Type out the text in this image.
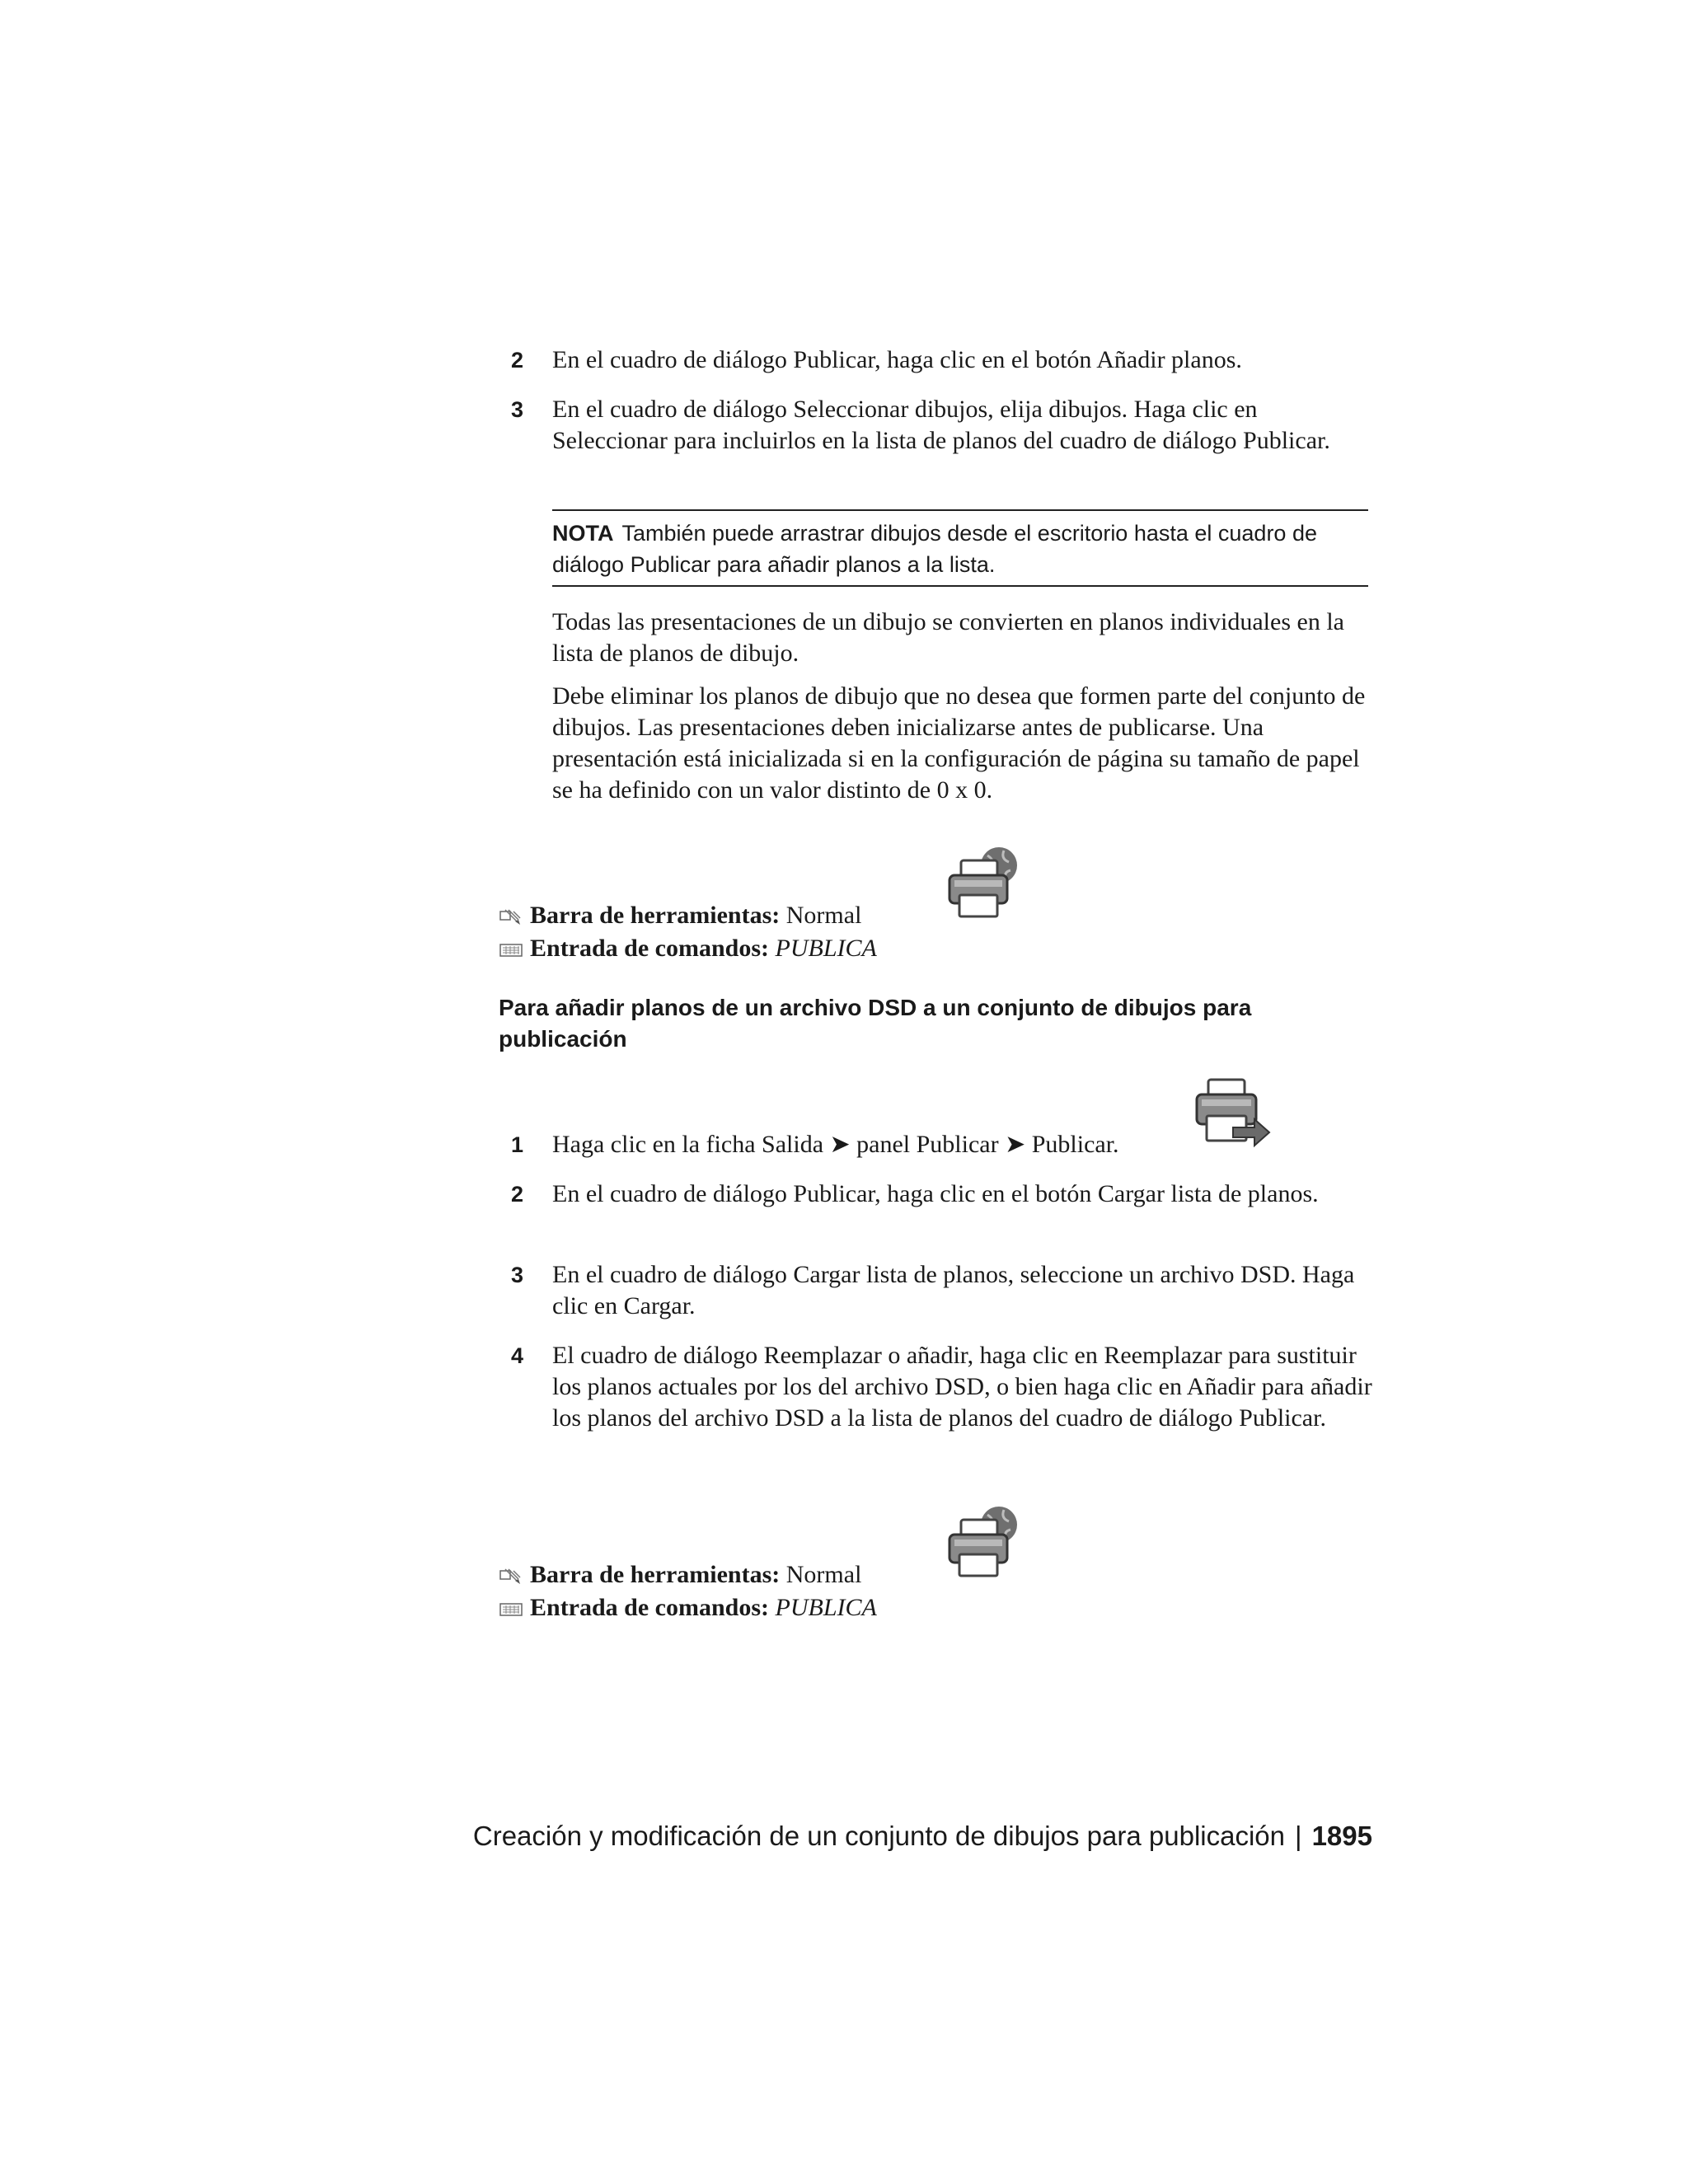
2 En el cuadro de diálogo Publicar, haga clic en el botón Añadir planos.
3 En el cuadro de diálogo Seleccionar dibujos, elija dibujos. Haga clic en Seleccionar para incluirlos en la lista de planos del cuadro de diálogo Publicar.
NOTA También puede arrastrar dibujos desde el escritorio hasta el cuadro de diálogo Publicar para añadir planos a la lista.
Todas las presentaciones de un dibujo se convierten en planos individuales en la lista de planos de dibujo.
Debe eliminar los planos de dibujo que no desea que formen parte del conjunto de dibujos. Las presentaciones deben inicializarse antes de publicarse. Una presentación está inicializada si en la configuración de página su tamaño de papel se ha definido con un valor distinto de 0 x 0.
Barra de herramientas: Normal
Entrada de comandos: PUBLICA
Para añadir planos de un archivo DSD a un conjunto de dibujos para publicación
1 Haga clic en la ficha Salida ➤ panel Publicar ➤ Publicar.
2 En el cuadro de diálogo Publicar, haga clic en el botón Cargar lista de planos.
3 En el cuadro de diálogo Cargar lista de planos, seleccione un archivo DSD. Haga clic en Cargar.
4 El cuadro de diálogo Reemplazar o añadir, haga clic en Reemplazar para sustituir los planos actuales por los del archivo DSD, o bien haga clic en Añadir para añadir los planos del archivo DSD a la lista de planos del cuadro de diálogo Publicar.
Barra de herramientas: Normal
Entrada de comandos: PUBLICA
Creación y modificación de un conjunto de dibujos para publicación | 1895
